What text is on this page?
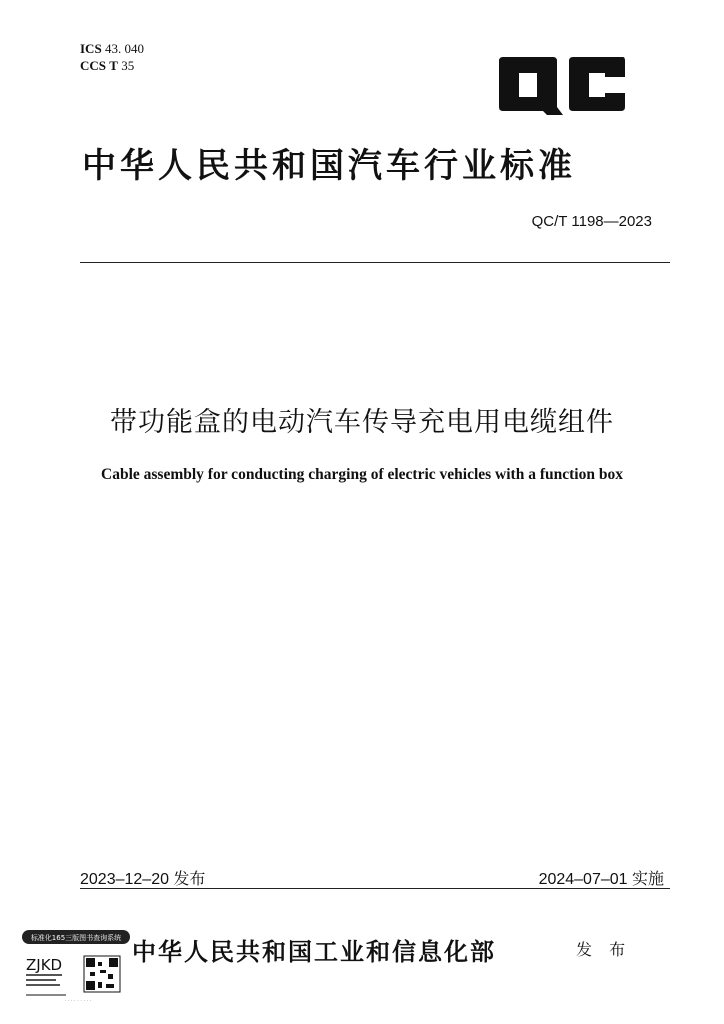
ICS 43. 040
CCS T 35
中华人民共和国汽车行业标准
QC/T 1198—2023
带功能盒的电动汽车传导充电用电缆组件
Cable assembly for conducting charging of electric vehicles with a function box
2023–12–20 发布	2024–07–01 实施
标准化165三版图书查询系统
ZJKD
· · · · · · · · ·
中华人民共和国工业和信息化部	发 布
